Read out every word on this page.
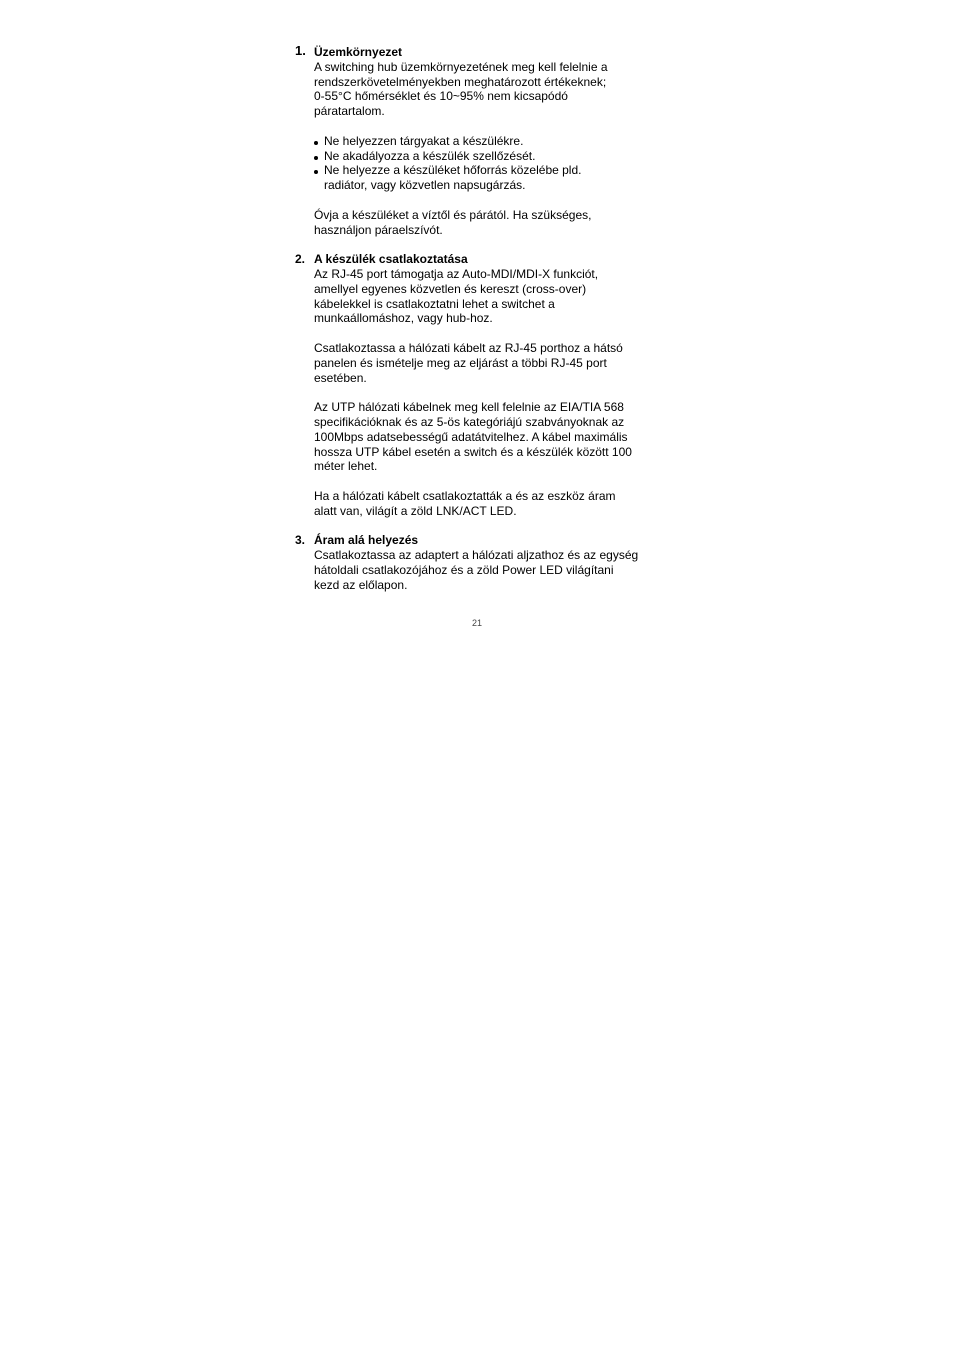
1. Üzemkörnyezet

A switching hub üzemkörnyezetének meg kell felelnie a
rendszerkövetelményekben meghatározott értékeknek;
0-55°C hőmérséklet és 10~95% nem kicsapódó
páratartalom.

Ne helyezzen tárgyakat a készülékre.
Ne akadályozza a készülék szellőzését.
Ne helyezze a készüléket hőforrás közelébe pld.
radiátor, vagy közvetlen napsugárzás.

Óvja a készüléket a víztől és párától. Ha szükséges,
használjon páraelszívót.

2. A készülék csatlakoztatása

Az RJ-45 port támogatja az Auto-MDI/MDI-X funkciót,
amellyel egyenes közvetlen és kereszt (cross-over)
kábelekkel is csatlakoztatni lehet a switchet a
munkaállomáshoz, vagy hub-hoz.

Csatlakoztassa a hálózati kábelt az RJ-45 porthoz a hátsó
panelen és ismételje meg az eljárást a többi RJ-45 port
esetében.

Az UTP hálózati kábelnek meg kell felelnie az EIA/TIA 568
specifikációknak és az 5-ös kategóriájú szabványoknak az
100Mbps adatsebességű adatátvitelhez. A kábel maximális
hossza UTP kábel esetén a switch és a készülék között 100
méter lehet.

Ha a hálózati kábelt csatlakoztatták a és az eszköz áram
alatt van, világít a zöld LNK/ACT LED.

3. Áram alá helyezés

Csatlakoztassa az adaptert a hálózati aljzathoz és az egység
hátoldali csatlakozójához és a zöld Power LED világítani
kezd az előlapon.

21
